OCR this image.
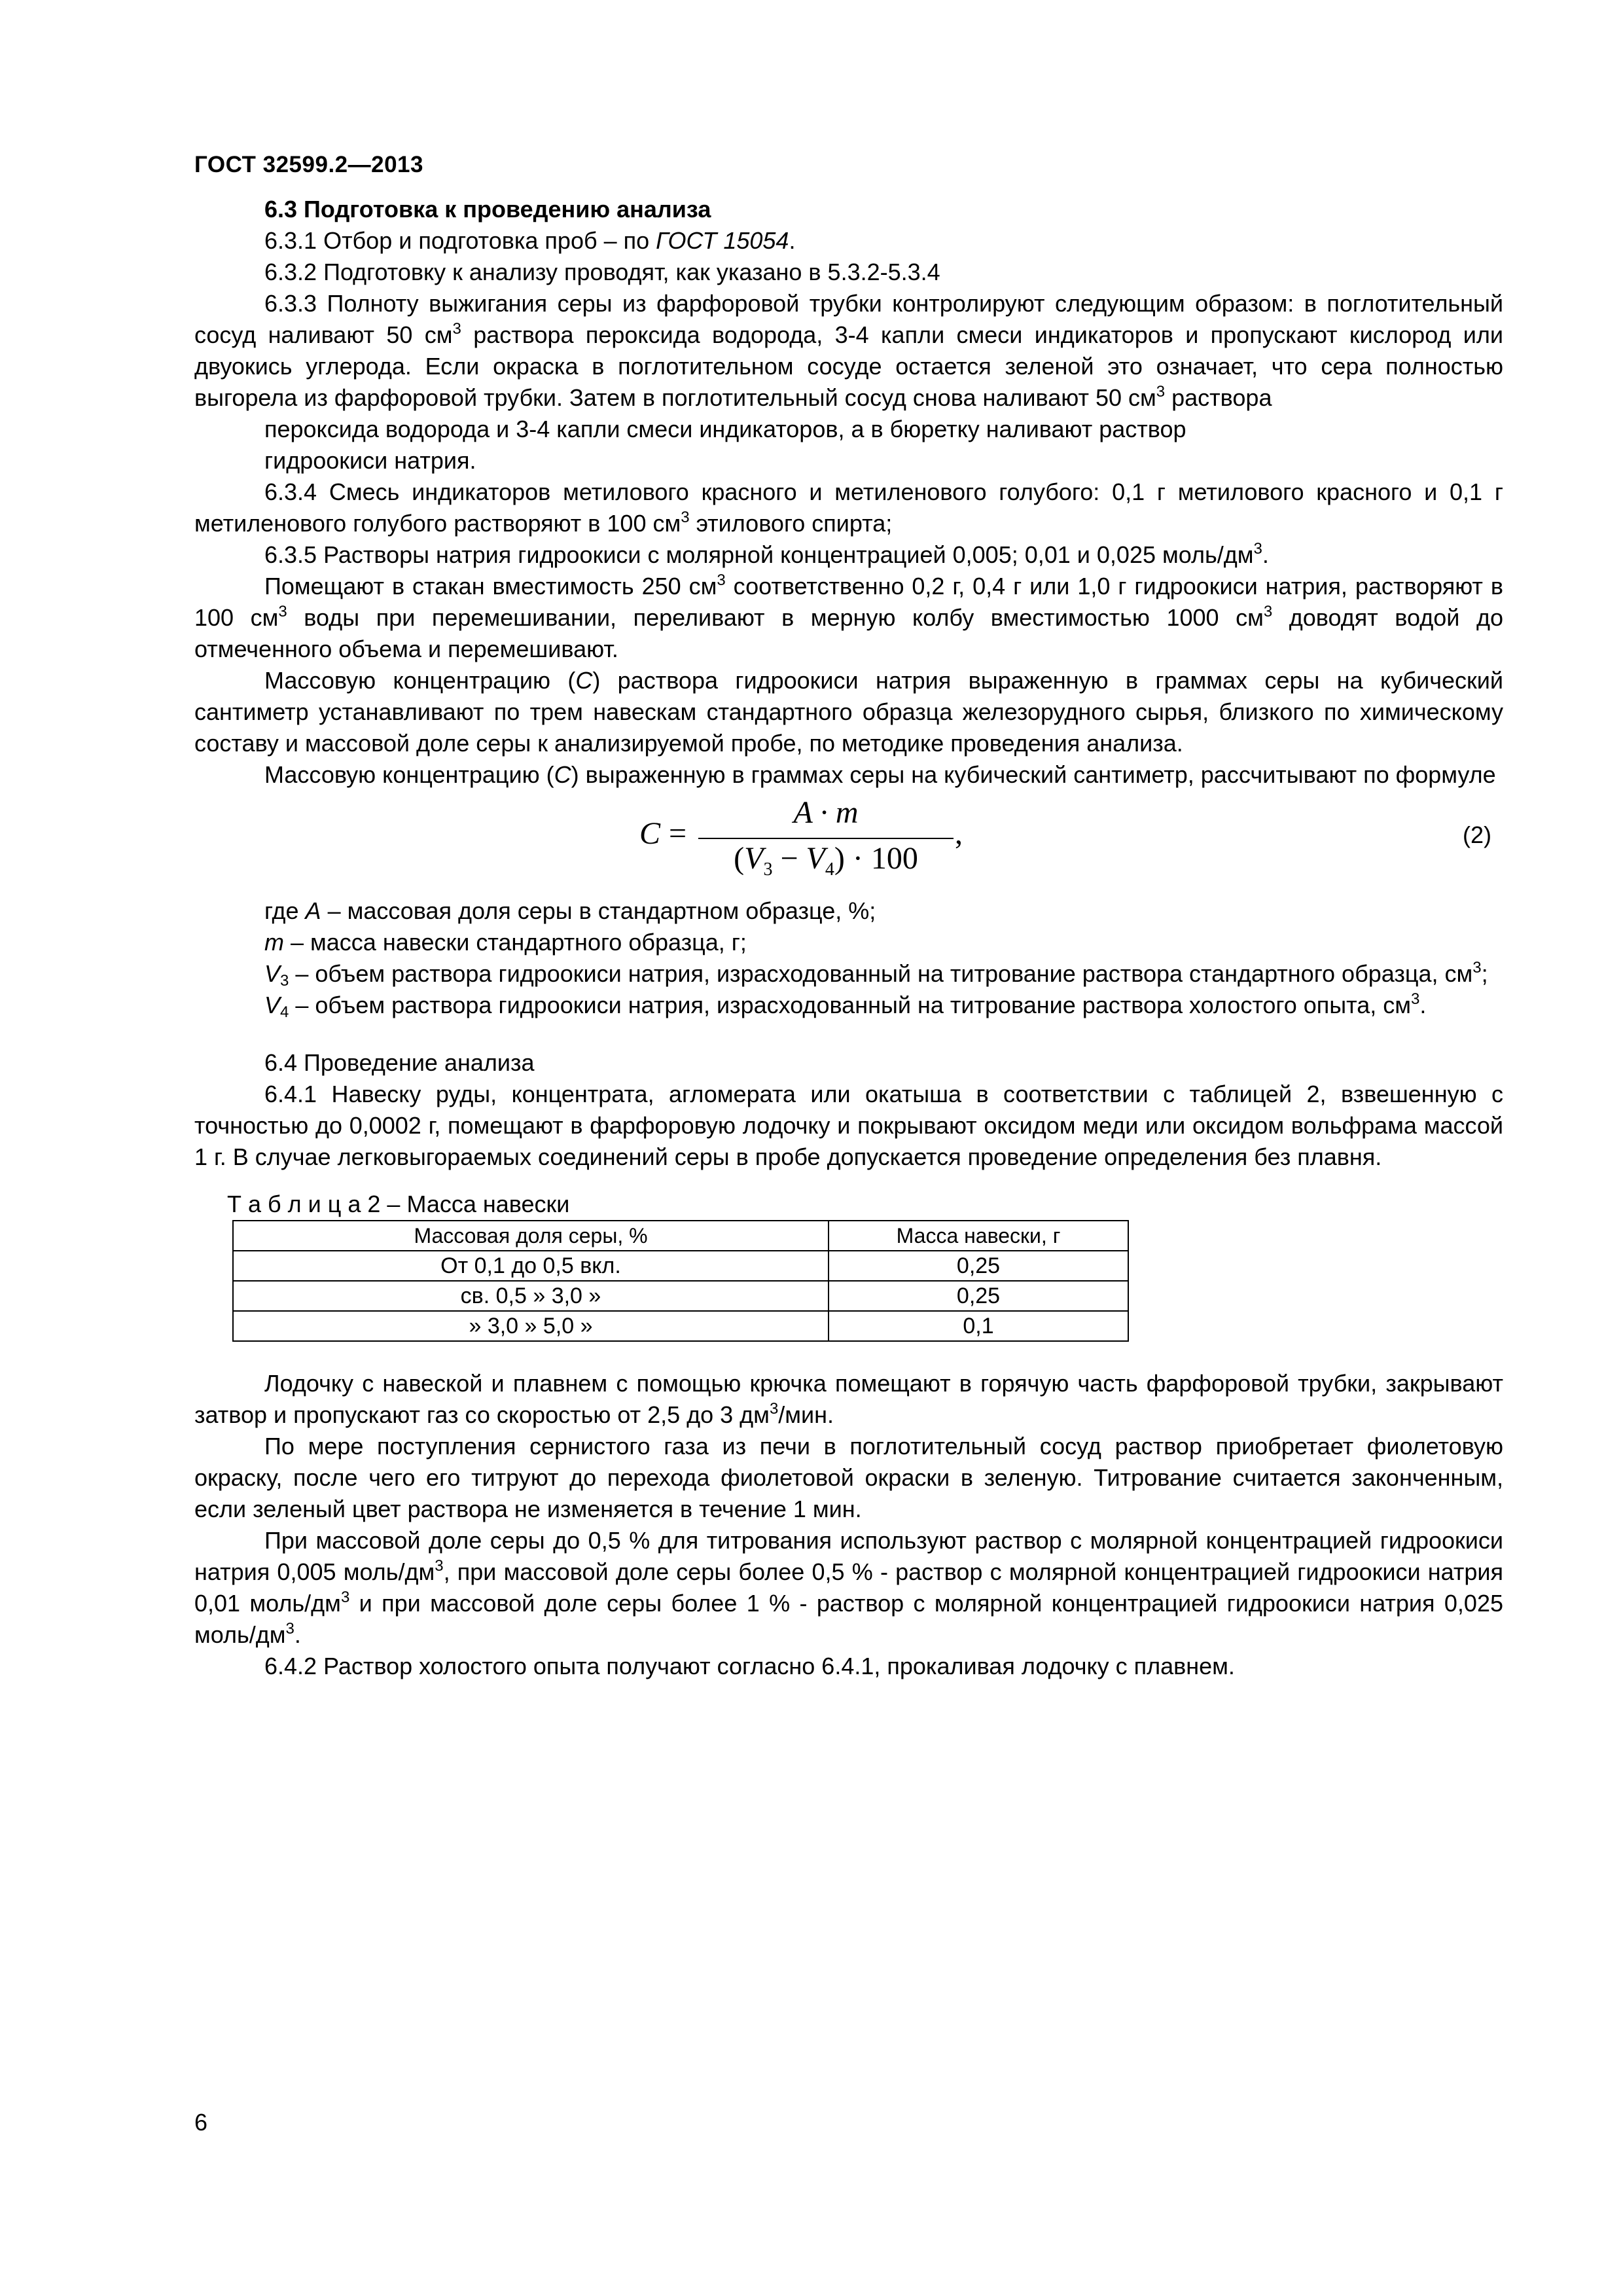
ГОСТ 32599.2—2013

6.3 Подготовка к проведению анализа

6.3.1 Отбор и подготовка проб – по ГОСТ 15054.

6.3.2 Подготовку к анализу проводят, как указано в 5.3.2-5.3.4

6.3.3 Полноту выжигания серы из фарфоровой трубки контролируют следующим образом: в поглотительный сосуд наливают 50 $см^3$ раствора пероксида водорода, 3-4 капли смеси индикаторов и пропускают кислород или двуокись углерода. Если окраска в поглотительном сосуде остается зеленой это означает, что сера полностью выгорела из фарфоровой трубки. Затем в поглотительный сосуд снова наливают 50 $см^3$ раствора

пероксида водорода и 3-4 капли смеси индикаторов, а в бюретку наливают раствор

гидроокиси натрия.

6.3.4 Смесь индикаторов метилового красного и метиленового голубого: 0,1 г метилового красного и 0,1 г метиленового голубого растворяют в 100 $см^3$ этилового спирта;

6.3.5 Растворы натрия гидроокиси с молярной концентрацией 0,005; 0,01 и 0,025 моль/$дм^3$.

Помещают в стакан вместимость 250 $см^3$ соответственно 0,2 г, 0,4 г или 1,0 г гидроокиси натрия, растворяют в 100 $см^3$ воды при перемешивании, переливают в мерную колбу вместимостью 1000 $см^3$ доводят водой до отмеченного объема и перемешивают.

Массовую концентрацию (C) раствора гидроокиси натрия выраженную в граммах серы на кубический сантиметр устанавливают по трем навескам стандартного образца железорудного сырья, близкого по химическому составу и массовой доле серы к анализируемой пробе, по методике проведения анализа.

Массовую концентрацию (C) выраженную в граммах серы на кубический сантиметр, рассчитывают по формуле

C =
A · m
$(V_3 - V_4) \cdot 100$
,	(2)

где A – массовая доля серы в стандартном образце, %;

m – масса навески стандартного образца, г;

$V_3$ – объем раствора гидроокиси натрия, израсходованный на титрование раствора стандартного образца, $см^3$;

$V_4$ – объем раствора гидроокиси натрия, израсходованный на титрование раствора холостого опыта, $см^3$.

6.4 Проведение анализа

6.4.1 Навеску руды, концентрата, агломерата или окатыша в соответствии с таблицей 2, взвешенную с точностью до 0,0002 г, помещают в фарфоровую лодочку и покрывают оксидом меди или оксидом вольфрама массой 1 г. В случае легковыгораемых соединений серы в пробе допускается проведение определения без плавня.

Т а б л и ц а 2 – Масса навески
Массовая доля серы, %	Масса навески, г
От 0,1 до 0,5 вкл.	0,25
св. 0,5 » 3,0 »	0,25
» 3,0 » 5,0 »	0,1

Лодочку с навеской и плавнем с помощью крючка помещают в горячую часть фарфоровой трубки, закрывают затвор и пропускают газ со скоростью от 2,5 до 3 $дм^3$/мин.

По мере поступления сернистого газа из печи в поглотительный сосуд раствор приобретает фиолетовую окраску, после чего его титруют до перехода фиолетовой окраски в зеленую. Титрование считается законченным, если зеленый цвет раствора не изменяется в течение 1 мин.

При массовой доле серы до 0,5 % для титрования используют раствор с молярной концентрацией гидроокиси натрия 0,005 моль/$дм^3$, при массовой доле серы более 0,5 % - раствор с молярной концентрацией гидроокиси натрия 0,01 моль/$дм^3$ и при массовой доле серы более 1 % - раствор с молярной концентрацией гидроокиси натрия 0,025 моль/$дм^3$.

6.4.2 Раствор холостого опыта получают согласно 6.4.1, прокаливая лодочку с плавнем.

6
